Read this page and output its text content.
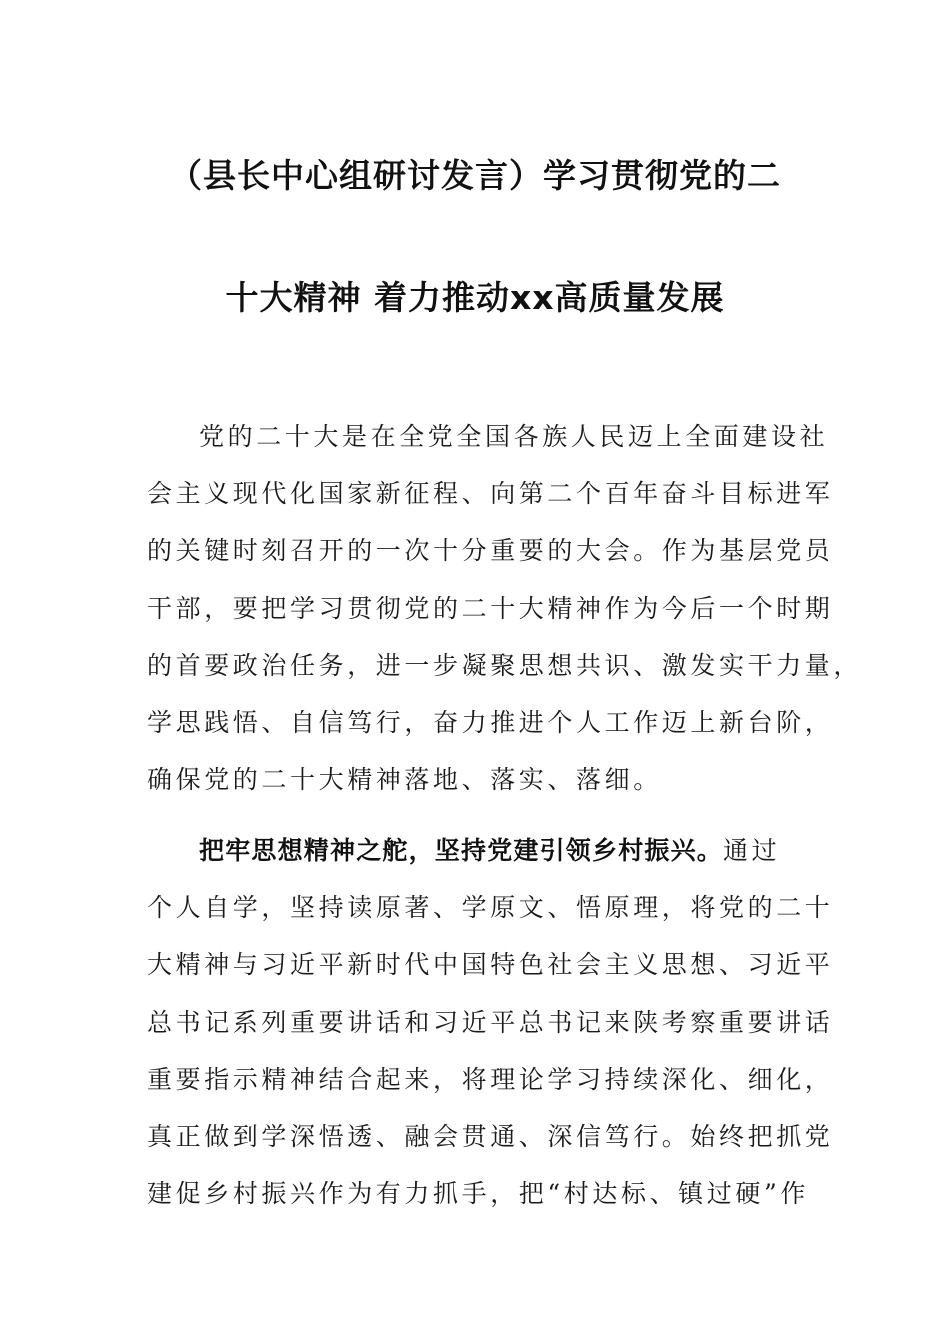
（县长中心组研讨发言）学习贯彻党的二
十大精神 着力推动xx高质量发展
党的二十大是在全党全国各族人民迈上全面建设社
会主义现代化国家新征程、向第二个百年奋斗目标进军
的关键时刻召开的一次十分重要的大会。作为基层党员
干部，要把学习贯彻党的二十大精神作为今后一个时期
的首要政治任务，进一步凝聚思想共识、激发实干力量，
学思践悟、自信笃行，奋力推进个人工作迈上新台阶，
确保党的二十大精神落地、落实、落细。
把牢思想精神之舵，坚持党建引领乡村振兴。通过
个人自学，坚持读原著、学原文、悟原理，将党的二十
大精神与习近平新时代中国特色社会主义思想、习近平
总书记系列重要讲话和习近平总书记来陕考察重要讲话
重要指示精神结合起来，将理论学习持续深化、细化，
真正做到学深悟透、融会贯通、深信笃行。始终把抓党
建促乡村振兴作为有力抓手，把“村达标、镇过硬”作
